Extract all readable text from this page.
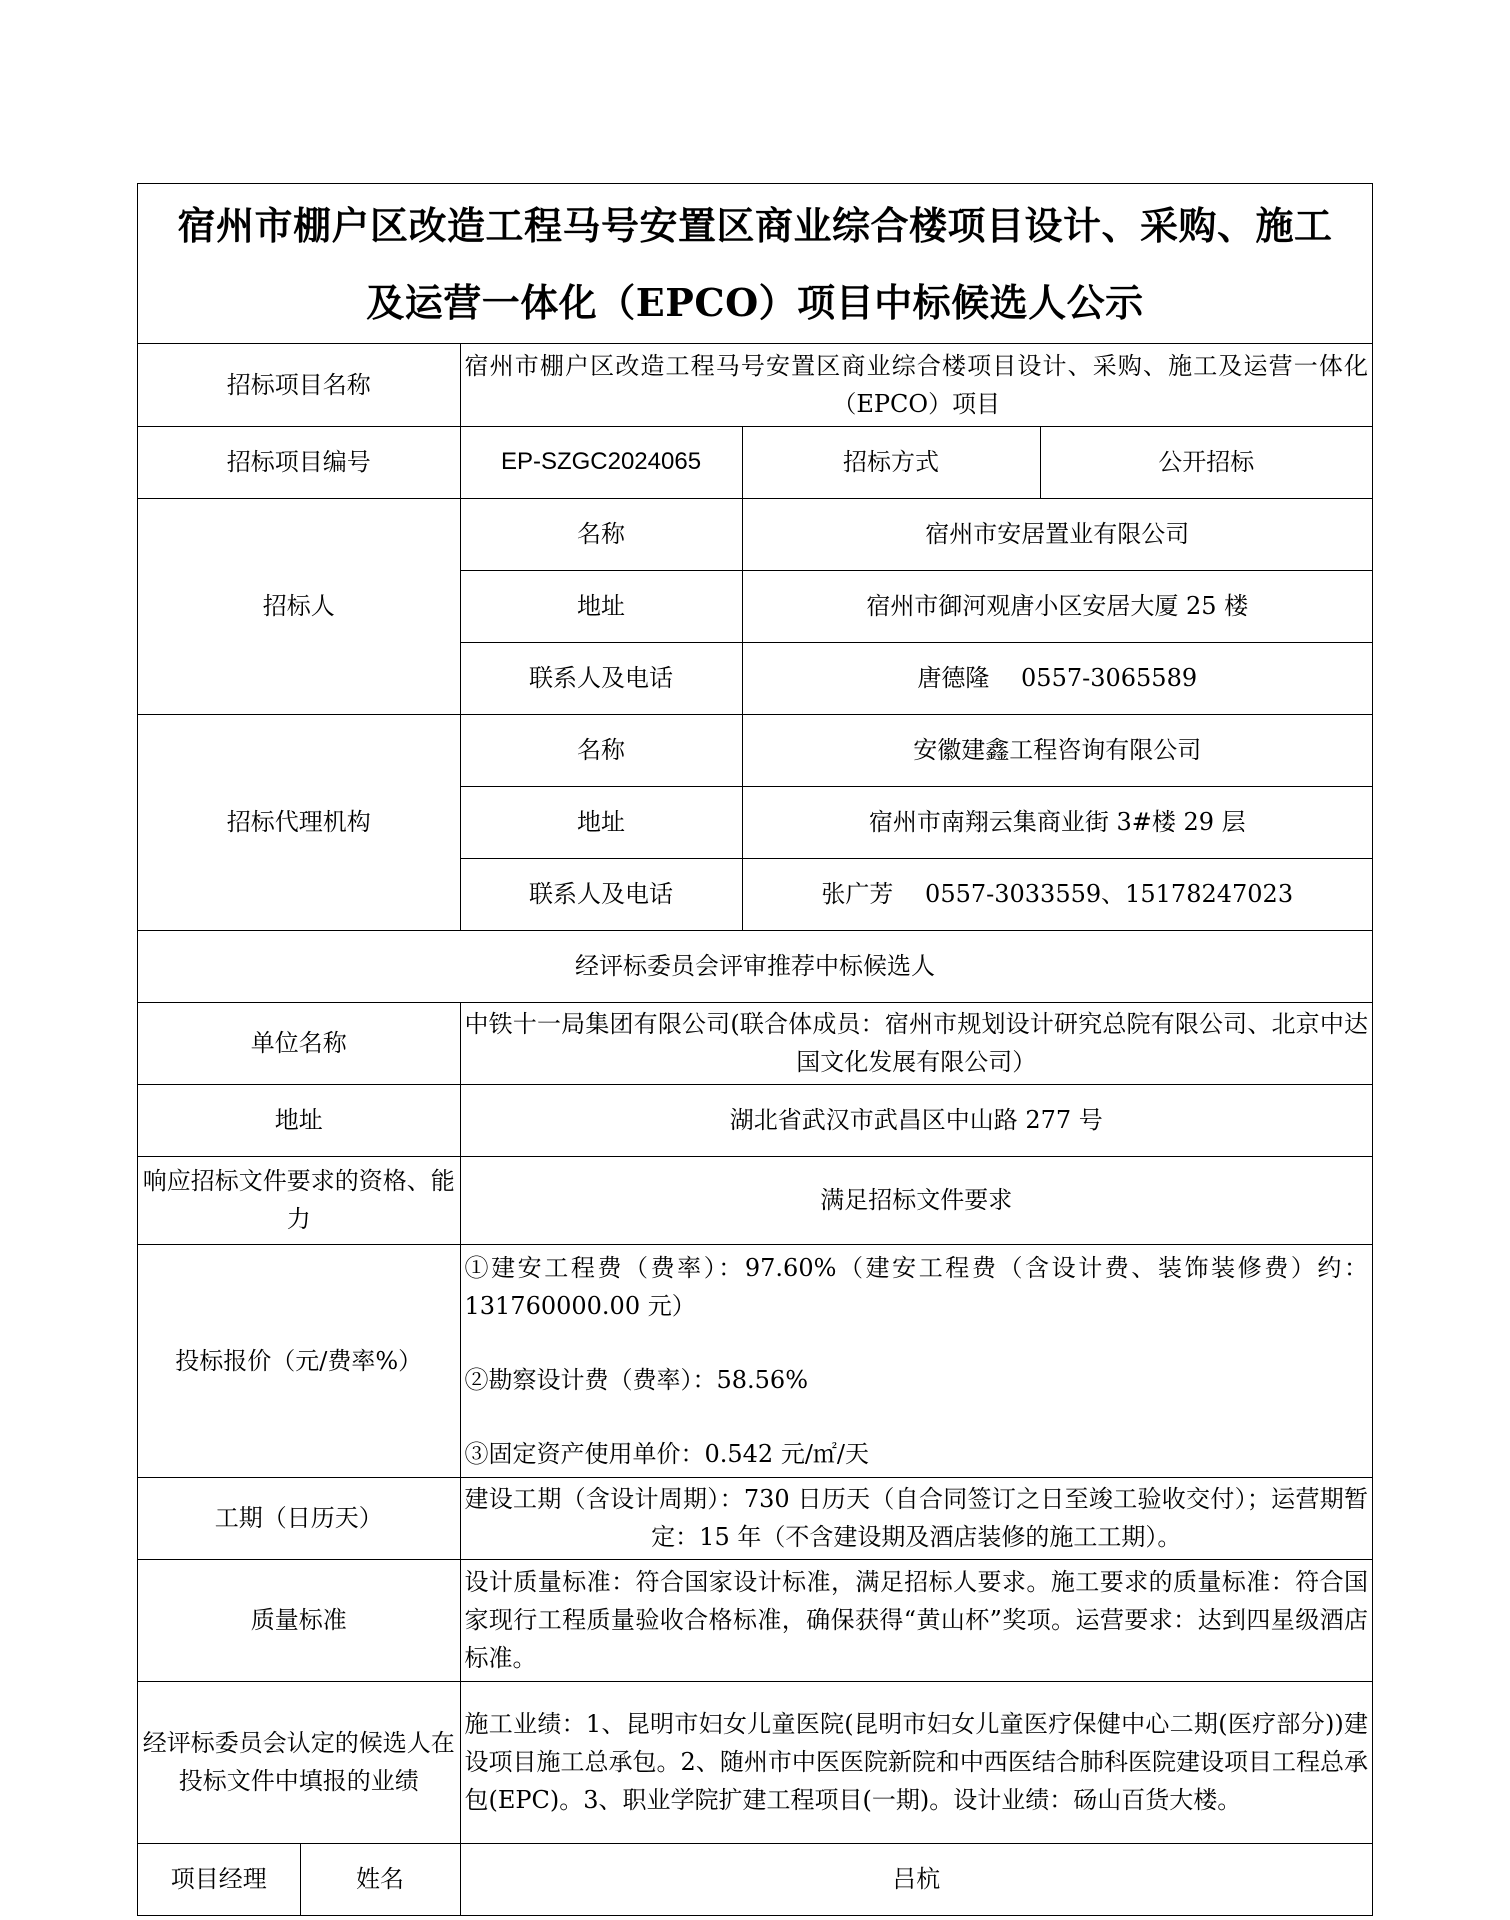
宿州市棚户区改造工程马号安置区商业综合楼项目设计、采购、施工
及运营一体化（EPCO）项目中标候选人公示
招标项目名称		宿州市棚户区改造工程马号安置区商业综合楼项目设计、采购、施工及运营一体化（EPCO）项目		
招标项目编号		EP-SZGC2024065	招标方式	公开招标
招标人		名称	宿州市安居置业有限公司	
		地址	宿州市御河观唐小区安居大厦 25 楼	
		联系人及电话	唐德隆　 0557-3065589	
招标代理机构		名称	安徽建鑫工程咨询有限公司	
		地址	宿州市南翔云集商业街 3#楼 29 层	
		联系人及电话	张广芳　 0557-3033559、15178247023	
经评标委员会评审推荐中标候选人				
单位名称		中铁十一局集团有限公司(联合体成员：宿州市规划设计研究总院有限公司、北京中达国文化发展有限公司）		
地址		湖北省武汉市武昌区中山路 277 号		
响应招标文件要求的资格、能力		满足招标文件要求		
投标报价（元/费率%）		①建安工程费（费率）：97.60%（建安工程费（含设计费、装饰装修费）约：131760000.00 元）
②勘察设计费（费率）：58.56%
③固定资产使用单价：0.542 元/㎡/天		

工期（日历天）		建设工期（含设计周期）：730 日历天（自合同签订之日至竣工验收交付）；运营期暂定：15 年（不含建设期及酒店装修的施工工期）。		
质量标准		设计质量标准：符合国家设计标准，满足招标人要求。施工要求的质量标准：符合国家现行工程质量验收合格标准，确保获得“黄山杯”奖项。运营要求：达到四星级酒店标准。		
经评标委员会认定的候选人在投标文件中填报的业绩		施工业绩：1、昆明市妇女儿童医院(昆明市妇女儿童医疗保健中心二期(医疗部分))建设项目施工总承包。2、随州市中医医院新院和中西医结合肺科医院建设项目工程总承包(EPC)。3、职业学院扩建工程项目(一期)。设计业绩：砀山百货大楼。		
项目经理	姓名	吕杭		
